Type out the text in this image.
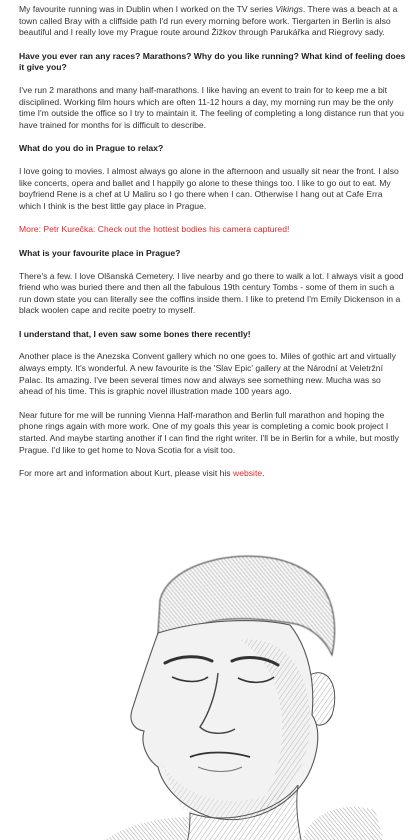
My favourite running was in Dublin when I worked on the TV series Vikings. There was a beach at a town called Bray with a cliffside path I'd run every morning before work. Tiergarten in Berlin is also beautiful and I really love my Prague route around Žižkov through Parukářka and Riegrovy sady.

Have you ever ran any races? Marathons? Why do you like running? What kind of feeling does it give you?

I've run 2 marathons and many half-marathons. I like having an event to train for to keep me a bit disciplined. Working film hours which are often 11-12 hours a day, my morning run may be the only time I'm outside the office so I try to maintain it. The feeling of completing a long distance run that you have trained for months for is difficult to describe.

What do you do in Prague to relax?

I love going to movies. I almost always go alone in the afternoon and usually sit near the front. I also like concerts, opera and ballet and I happily go alone to these things too. I like to go out to eat. My boyfriend Rene is a chef at U Maliru so I go there when I can. Otherwise I hang out at Cafe Erra which I think is the best little gay place in Prague.

More: Petr Kurečka: Check out the hottest bodies his camera captured!

What is your favourite place in Prague?

There's a few. I love Olšanská Cemetery. I live nearby and go there to walk a lot. I always visit a good friend who was buried there and then all the fabulous 19th century Tombs - some of them in such a run down state you can literally see the coffins inside them. I like to pretend I'm Emily Dickenson in a black woolen cape and recite poetry to myself.

I understand that, I even saw some bones there recently!

Another place is the Anezska Convent gallery which no one goes to. Miles of gothic art and virtually always empty. It's wonderful. A new favourite is the 'Slav Epic' gallery at the Národní at Veletržní Palac. Its amazing. I've been several times now and always see something new. Mucha was so ahead of his time. This is graphic novel illustration made 100 years ago.

Near future for me will be running Vienna Half-marathon and Berlin full marathon and hoping the phone rings again with more work. One of my goals this year is completing a comic book project I started. And maybe starting another if I can find the right writer. I'll be in Berlin for a while, but mostly Prague. I'd like to get home to Nova Scotia for a visit too.

For more art and information about Kurt, please visit his website.
